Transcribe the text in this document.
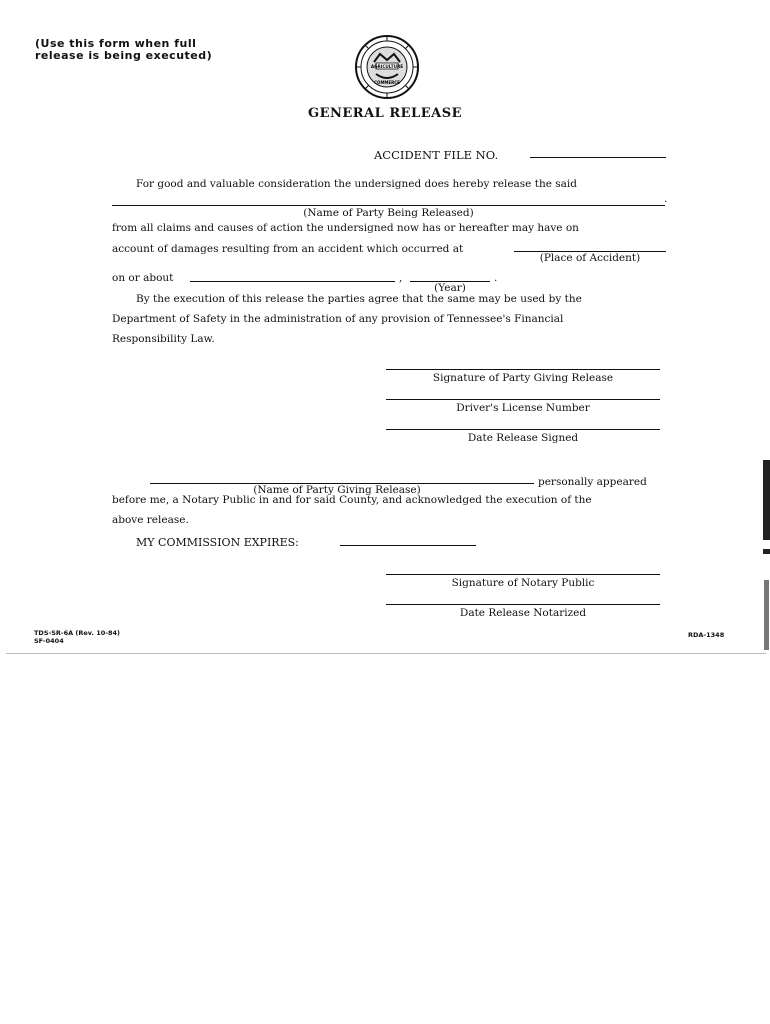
(Use this form when full
release is being executed)
AGRICULTURE
COMMERCE
GENERAL RELEASE
ACCIDENT FILE NO.
For good and valuable consideration the undersigned does hereby release the said
.
(Name of Party Being Released)
from all claims and causes of action the undersigned now has or hereafter may have on
account of damages resulting from an accident which occurred at
(Place of Accident)
on or about	,	.
(Year)
By the execution of this release the parties agree that the same may be used by the
Department of Safety in the administration of any provision of Tennessee's Financial
Responsibility Law.
Signature of Party Giving Release
Driver's License Number
Date Release Signed
personally appeared
(Name of Party Giving Release)
before me, a Notary Public in and for said County, and acknowledged the execution of the
above release.
MY COMMISSION EXPIRES:
Signature of Notary Public
Date Release Notarized
TDS-SR-6A (Rev. 10-84)
SF-0404
RDA-1348
